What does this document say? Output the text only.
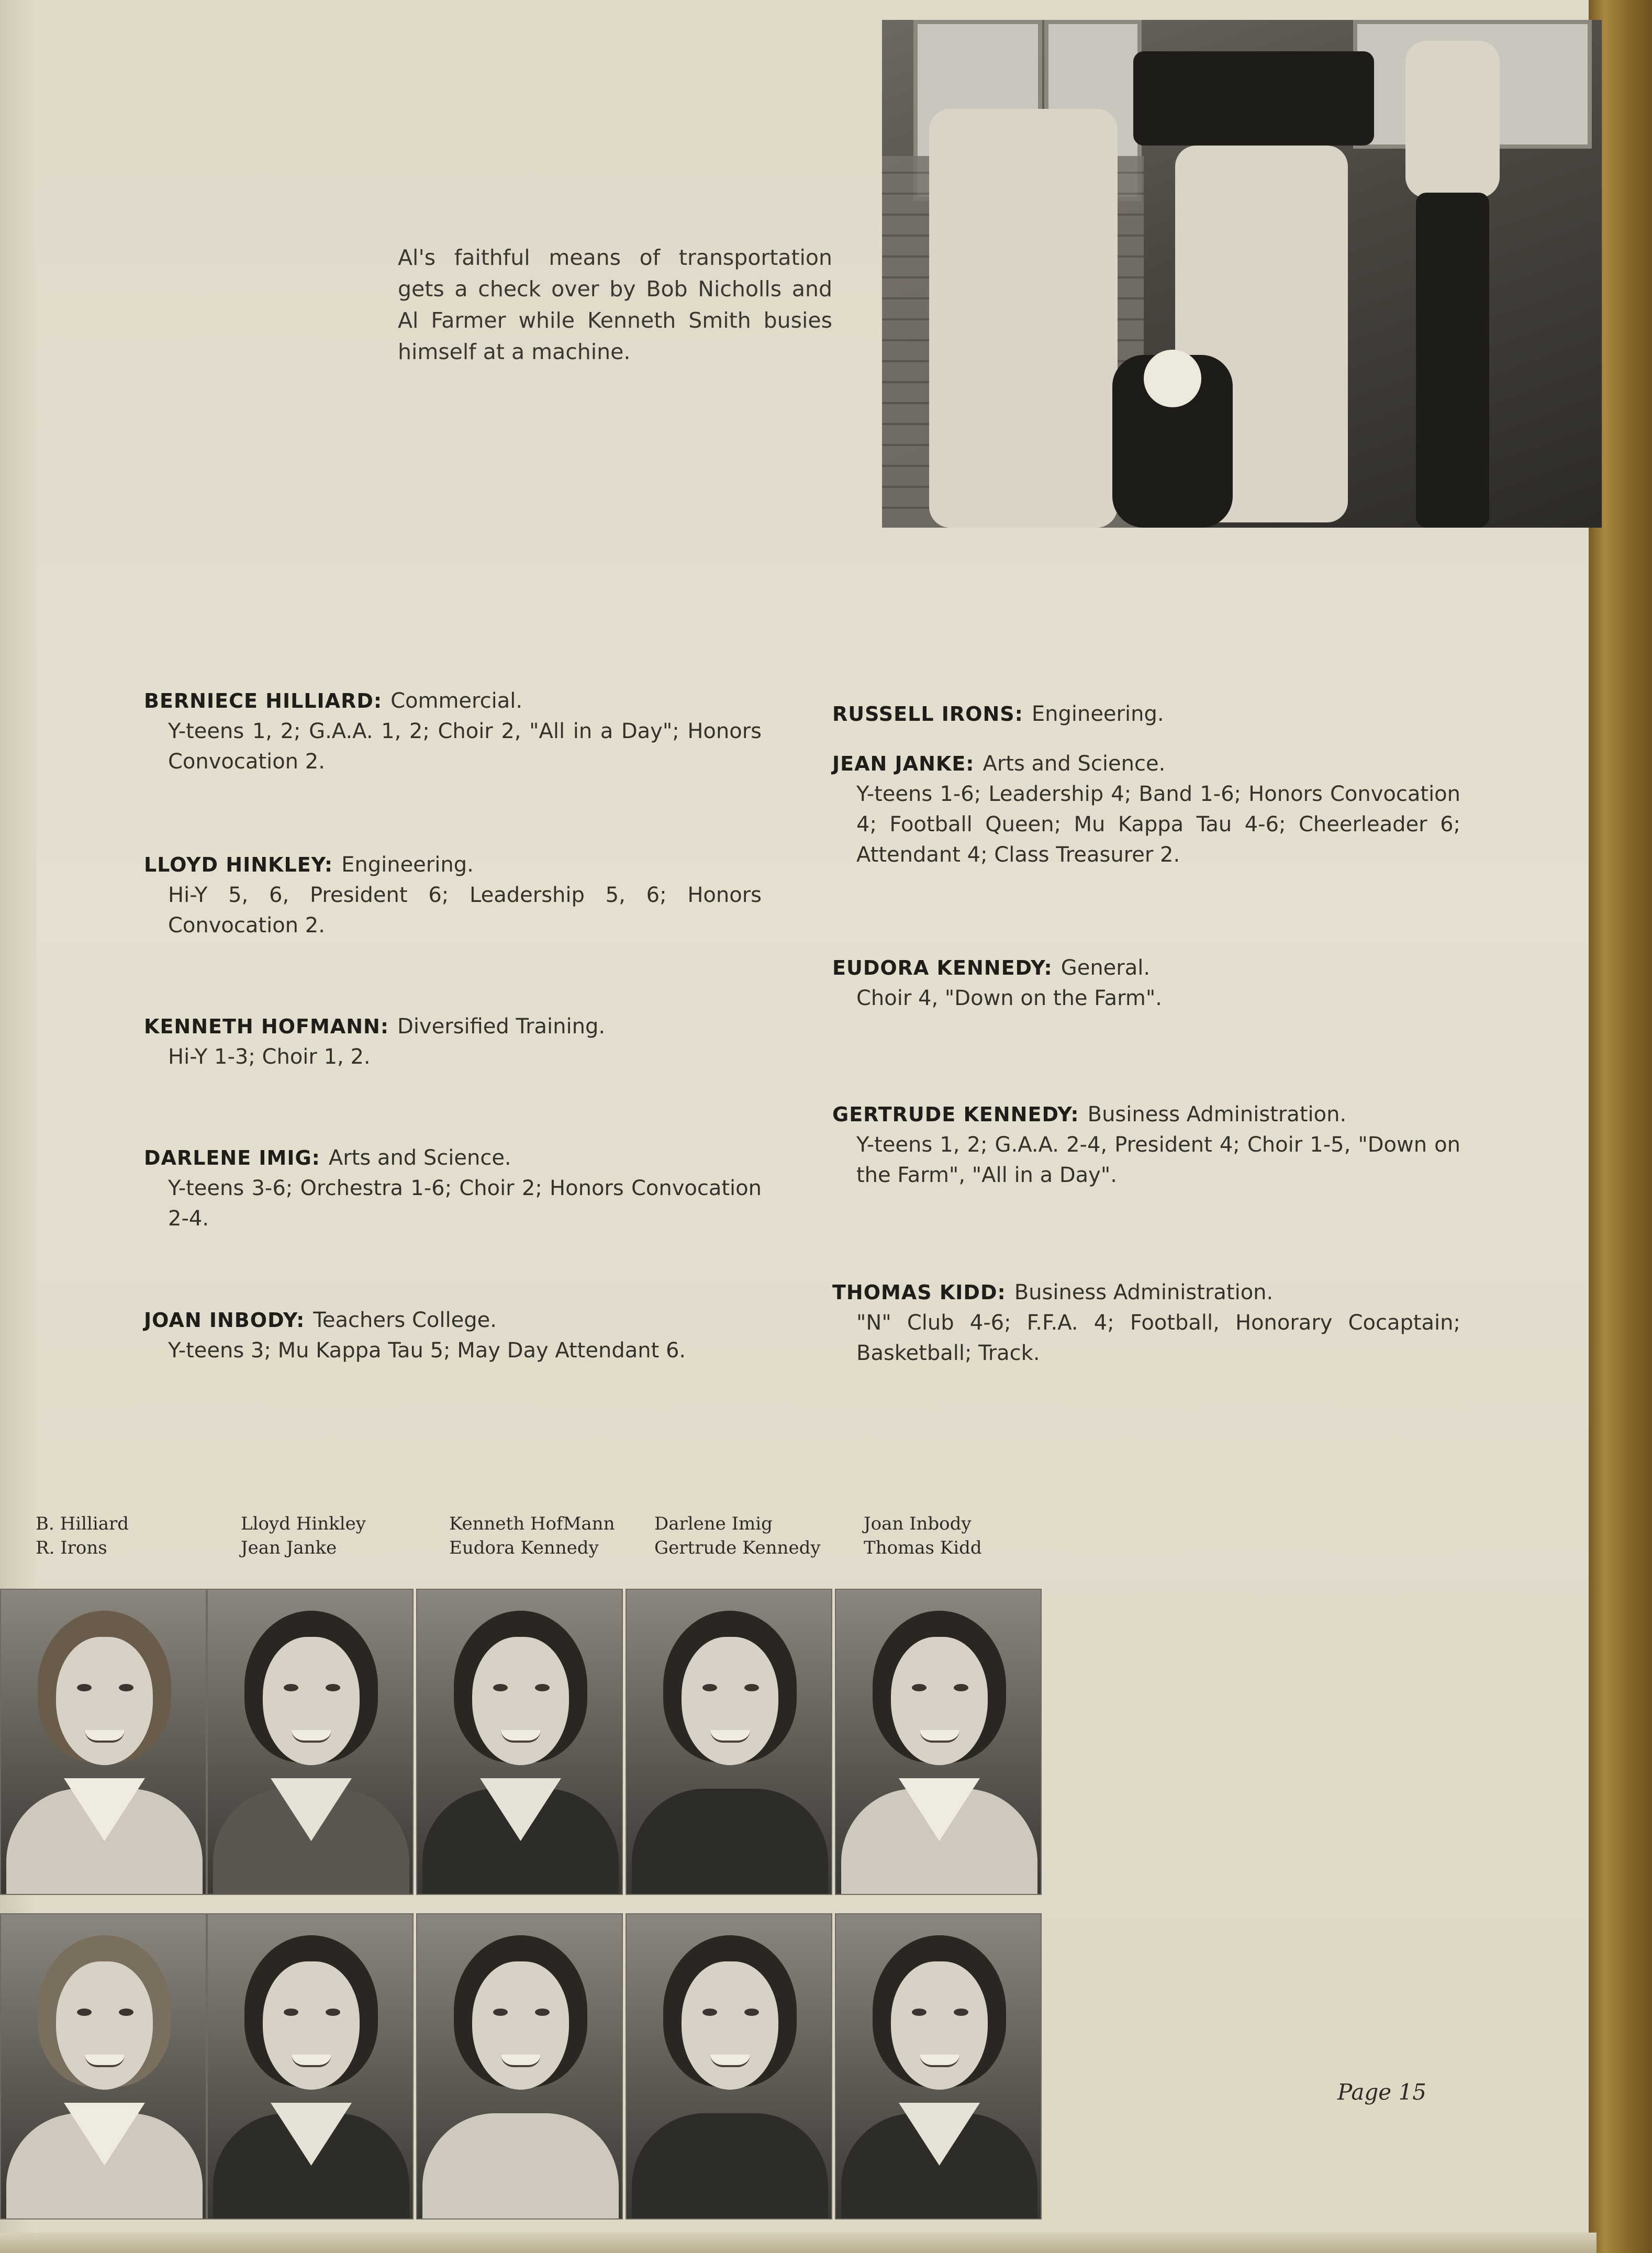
Al's faithful means of transportation gets a check over by Bob Nicholls and Al Farmer while Kenneth Smith busies himself at a machine.

BERNIECE HILLIARD: Commercial.
Y-teens 1, 2; G.A.A. 1, 2; Choir 2, "All in a Day"; Honors Convocation 2.
LLOYD HINKLEY: Engineering.
Hi-Y 5, 6, President 6; Leadership 5, 6; Honors Convocation 2.
KENNETH HOFMANN: Diversified Training.
Hi-Y 1-3; Choir 1, 2.
DARLENE IMIG: Arts and Science.
Y-teens 3-6; Orchestra 1-6; Choir 2; Honors Convocation 2-4.
JOAN INBODY: Teachers College.
Y-teens 3; Mu Kappa Tau 5; May Day Attendant 6.
RUSSELL IRONS: Engineering.
JEAN JANKE: Arts and Science.
Y-teens 1-6; Leadership 4; Band 1-6; Honors Convocation 4; Football Queen; Mu Kappa Tau 4-6; Cheerleader 6; Attendant 4; Class Treasurer 2.
EUDORA KENNEDY: General.
Choir 4, "Down on the Farm".
GERTRUDE KENNEDY: Business Administration.
Y-teens 1, 2; G.A.A. 2-4, President 4; Choir 1-5, "Down on the Farm", "All in a Day".
THOMAS KIDD: Business Administration.
"N" Club 4-6; F.F.A. 4; Football, Honorary Cocaptain; Basketball; Track.
B. Hilliard
R. Irons
Lloyd Hinkley
Jean Janke
Kenneth HofMann
Eudora Kennedy
Darlene Imig
Gertrude Kennedy
Joan Inbody
Thomas Kidd
Page 15
